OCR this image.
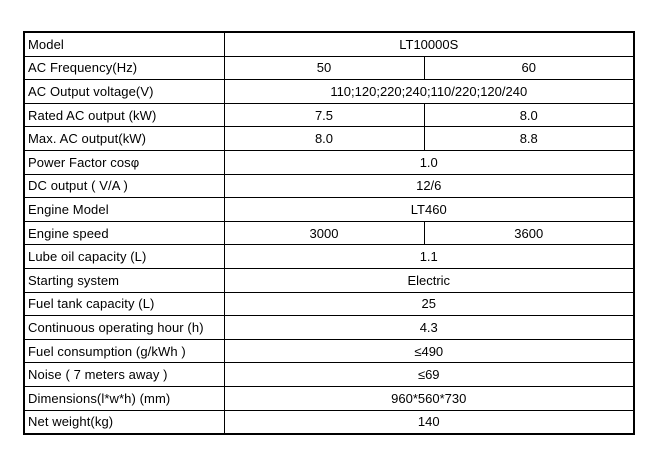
Model	LT10000S	
AC Frequency(Hz)	50	60
AC Output voltage(V)	110;120;220;240;110/220;120/240	
Rated AC output (kW)	7.5	8.0
Max. AC output(kW)	8.0	8.8
Power Factor cosφ	1.0	
DC output ( V/A )	12/6	
Engine Model	LT460	
Engine speed	3000	3600
Lube oil capacity (L)	1.1	
Starting system	Electric	
Fuel tank capacity (L)	25	
Continuous operating hour (h)	4.3	
Fuel consumption (g/kWh )	≤490	
Noise ( 7 meters away )	≤69	
Dimensions(l*w*h) (mm)	960*560*730	
Net weight(kg)	140	
